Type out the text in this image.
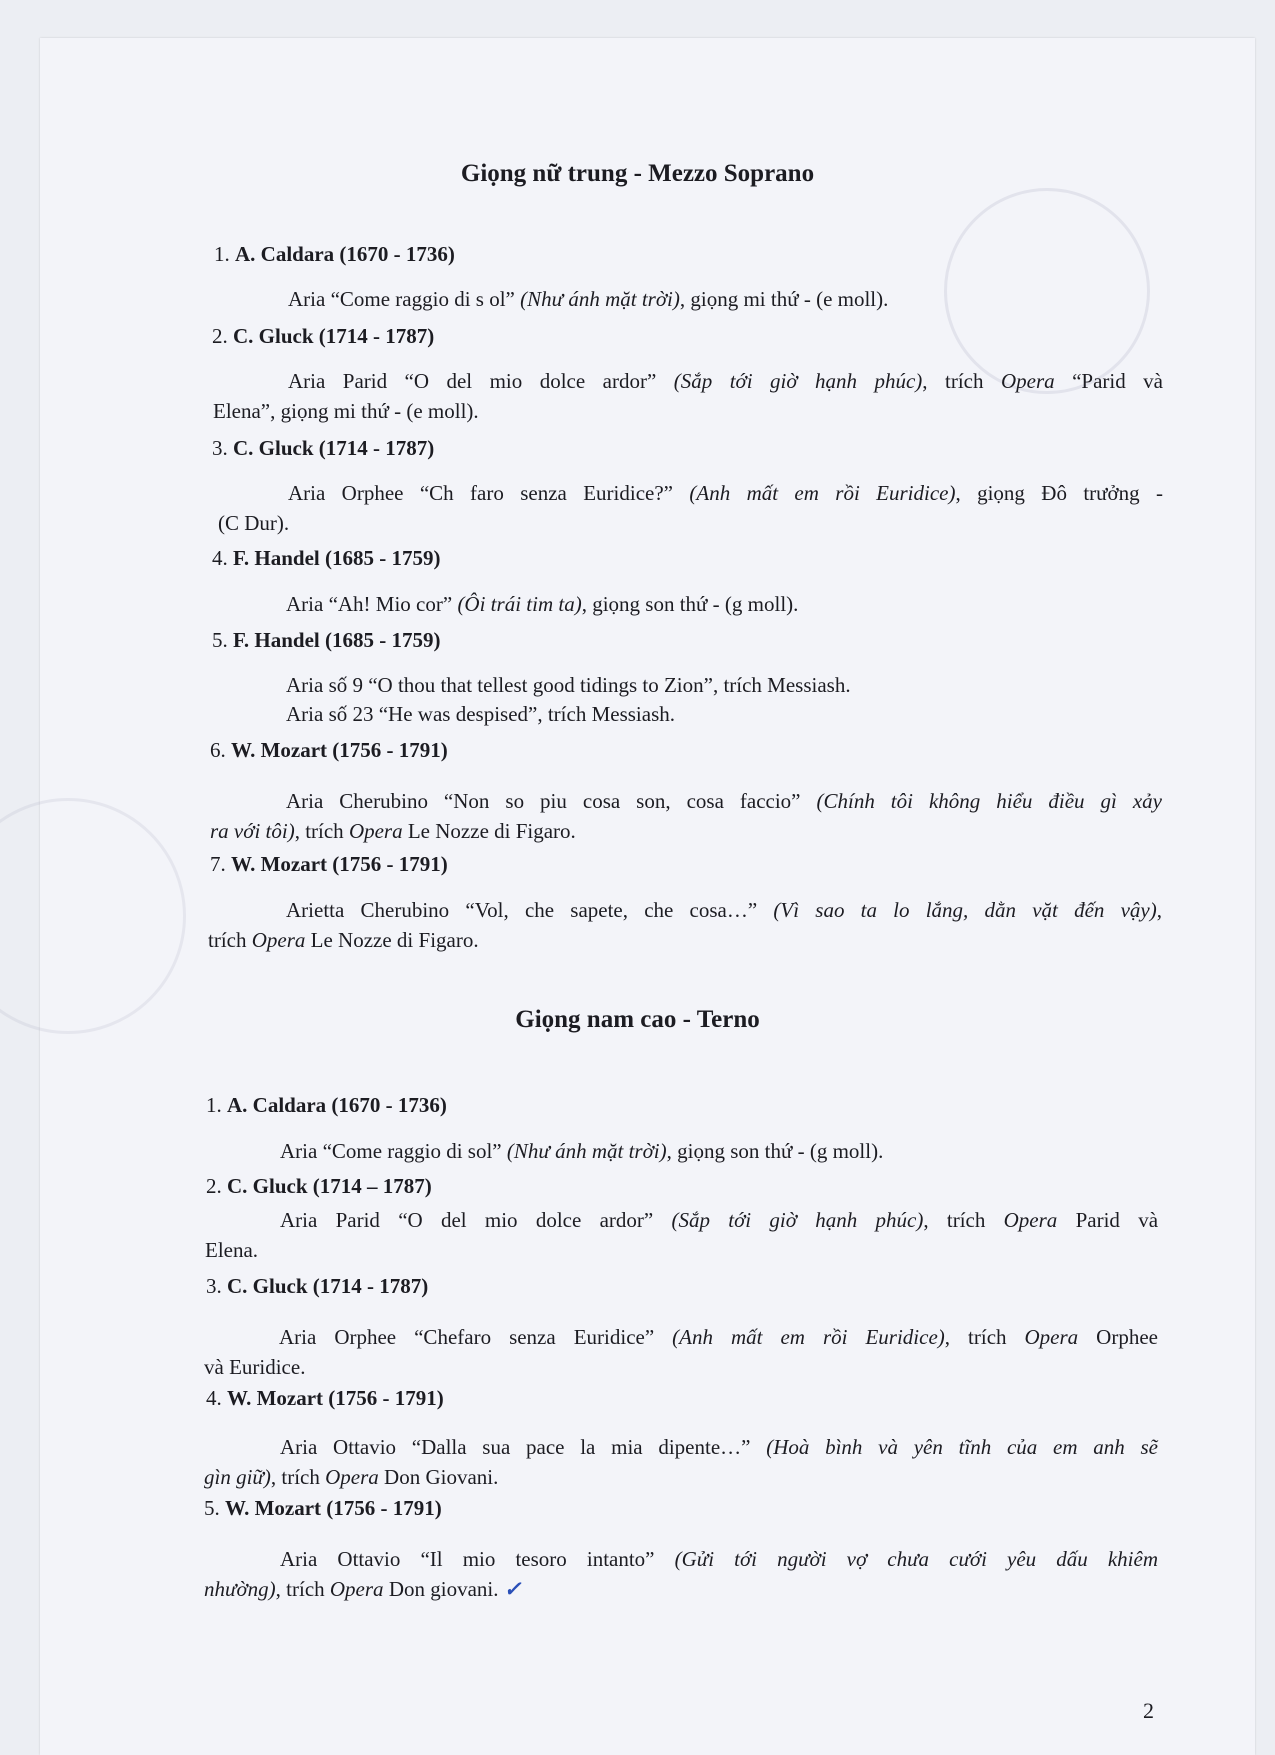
Giọng nữ trung - Mezzo Soprano
1. A. Caldara (1670 - 1736)
Aria “Come raggio di s ol” (Như ánh mặt trời), giọng mi thứ - (e moll).
2. C. Gluck (1714 - 1787)
Aria Parid “O del mio dolce ardor” (Sắp tới giờ hạnh phúc), trích Opera “Parid và
Elena”, giọng mi thứ - (e moll).
3. C. Gluck (1714 - 1787)
Aria Orphee “Ch faro senza Euridice?” (Anh mất em rồi Euridice), giọng Đô trưởng -
(C Dur).
4. F. Handel (1685 - 1759)
Aria “Ah! Mio cor” (Ôi trái tim ta), giọng son thứ - (g moll).
5. F. Handel (1685 - 1759)
Aria số 9 “O thou that tellest good tidings to Zion”, trích Messiash.
Aria số 23 “He was despised”, trích Messiash.
6. W. Mozart (1756 - 1791)
Aria Cherubino “Non so piu cosa son, cosa faccio” (Chính tôi không hiểu điều gì xảy
ra với tôi), trích Opera Le Nozze di Figaro.
7. W. Mozart (1756 - 1791)
Arietta Cherubino “Vol, che sapete, che cosa…” (Vì sao ta lo lắng, dằn vặt đến vậy),
trích Opera Le Nozze di Figaro.
Giọng nam cao - Terno
1. A. Caldara (1670 - 1736)
Aria “Come raggio di sol” (Như ánh mặt trời), giọng son thứ - (g moll).
2. C. Gluck (1714 – 1787)
Aria Parid “O del mio dolce ardor” (Sắp tới giờ hạnh phúc), trích Opera Parid và
Elena.
3. C. Gluck (1714 - 1787)
Aria Orphee “Chefaro senza Euridice” (Anh mất em rồi Euridice), trích Opera Orphee
và Euridice.
4. W. Mozart (1756 - 1791)
Aria Ottavio “Dalla sua pace la mia dipente…” (Hoà bình và yên tĩnh của em anh sẽ
gìn giữ), trích Opera Don Giovani.
5. W. Mozart (1756 - 1791)
Aria Ottavio “Il mio tesoro intanto” (Gửi tới người vợ chưa cưới yêu dấu khiêm
nhường), trích Opera Don giovani. ✓
2
